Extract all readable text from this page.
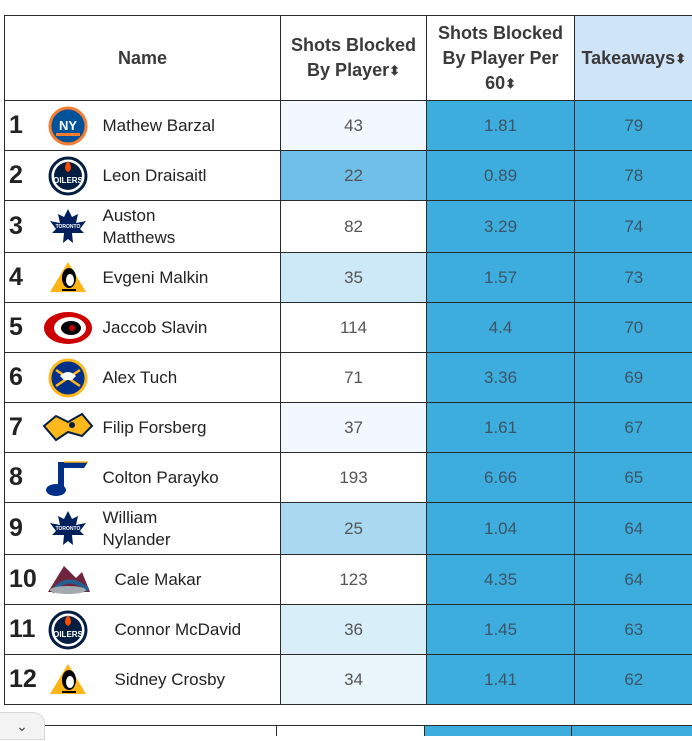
Name			Shots Blocked By Player⬍	Shots Blocked By Player Per 60⬍	Takeaways⬍
1	NY	Mathew Barzal	43	1.81	79
2	OILERS	Leon Draisaitl	22	0.89	78
3	TORONTO	Auston Matthews	82	3.29	74
4		Evgeni Malkin	35	1.57	73
5		Jaccob Slavin	114	4.4	70
6		Alex Tuch	71	3.36	69
7		Filip Forsberg	37	1.61	67
8		Colton Parayko	193	6.66	65
9	TORONTO	William Nylander	25	1.04	64
10		Cale Makar	123	4.35	64
11	OILERS	Connor McDavid	36	1.45	63
12		Sidney Crosby	34	1.41	62
⌄
